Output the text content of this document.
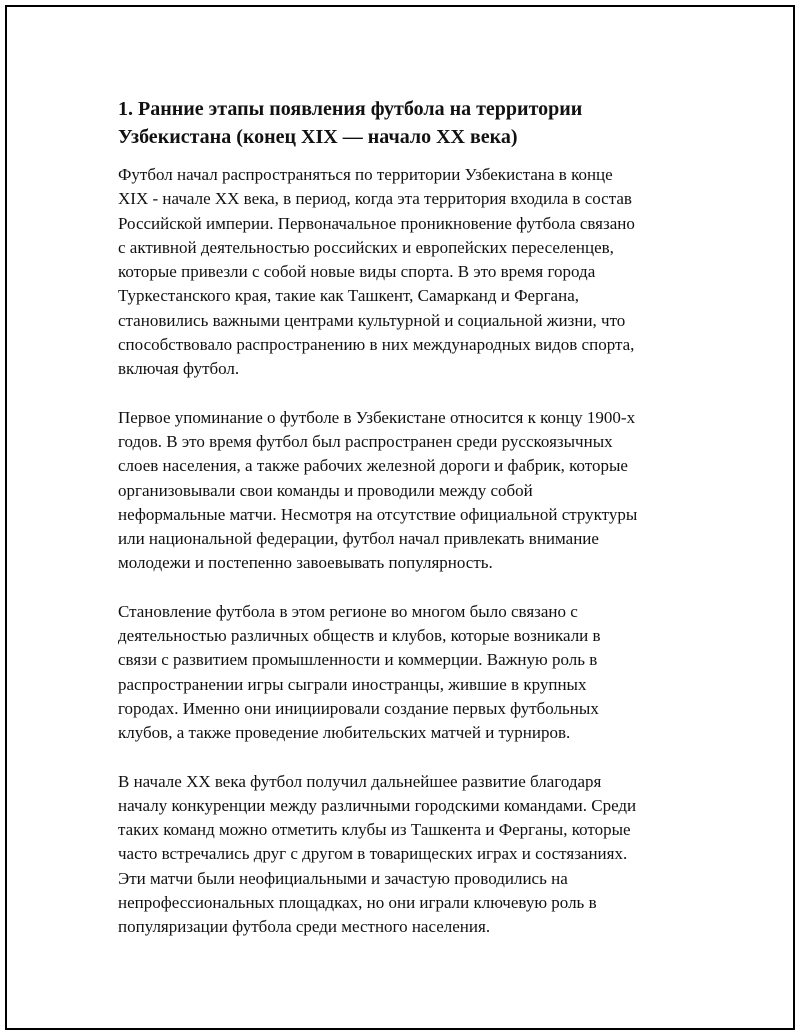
1. Ранние этапы появления футбола на территории
Узбекистана (конец XIX — начало XX века)

Футбол начал распространяться по территории Узбекистана в конце
XIX - начале XX века, в период, когда эта территория входила в состав
Российской империи. Первоначальное проникновение футбола связано
с активной деятельностью российских и европейских переселенцев,
которые привезли с собой новые виды спорта. В это время города
Туркестанского края, такие как Ташкент, Самарканд и Фергана,
становились важными центрами культурной и социальной жизни, что
способствовало распространению в них международных видов спорта,
включая футбол.

Первое упоминание о футболе в Узбекистане относится к концу 1900-х
годов. В это время футбол был распространен среди русскоязычных
слоев населения, а также рабочих железной дороги и фабрик, которые
организовывали свои команды и проводили между собой
неформальные матчи. Несмотря на отсутствие официальной структуры
или национальной федерации, футбол начал привлекать внимание
молодежи и постепенно завоевывать популярность.

Становление футбола в этом регионе во многом было связано с
деятельностью различных обществ и клубов, которые возникали в
связи с развитием промышленности и коммерции. Важную роль в
распространении игры сыграли иностранцы, жившие в крупных
городах. Именно они инициировали создание первых футбольных
клубов, а также проведение любительских матчей и турниров.

В начале XX века футбол получил дальнейшее развитие благодаря
началу конкуренции между различными городскими командами. Среди
таких команд можно отметить клубы из Ташкента и Ферганы, которые
часто встречались друг с другом в товарищеских играх и состязаниях.
Эти матчи были неофициальными и зачастую проводились на
непрофессиональных площадках, но они играли ключевую роль в
популяризации футбола среди местного населения.
